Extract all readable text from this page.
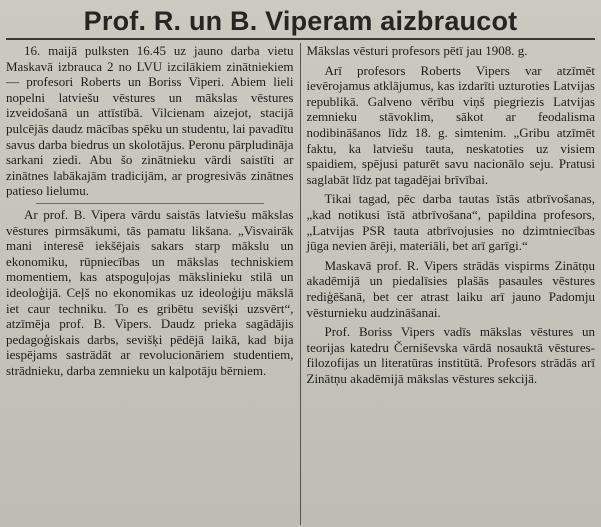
Prof. R. un B. Viperam aizbraucot

16. maijā pulksten 16.45 uz jauno darba vietu Maskavā izbrauca 2 no LVU izcilākiem zinātniekiem — profesori Roberts un Boriss Viperi. Abiem lieli nopelni latviešu vēstures un mākslas vēstures izveidošanā un attīstībā. Vilcienam aizejot, stacijā pulcējās daudz mācības spēku un studentu, lai pavadītu savus darba biedrus un skolotājus. Peronu pārpludināja sarkani ziedi. Abu šo zinātnieku vārdi saistīti ar zinātnes labākajām tradicijām, ar progresivās zinātnes patieso lielumu.

Ar prof. B. Vipera vārdu saistās latviešu mākslas vēstures pirmsākumi, tās pamatu likšana. „Visvairāk mani interesē iekšējais sakars starp mākslu un ekonomiku, rūpniecības un mākslas techniskiem momentiem, kas atspoguļojas mākslinieku stilā un ideoloģijā. Ceļš no ekonomikas uz ideoloģiju mākslā iet caur techniku. To es gribētu sevišķi uzsvērt“, atzīmēja prof. B. Vipers. Daudz prieka sagādājis pedagoģiskais darbs, sevišķi pēdējā laikā, kad bija iespējams sastrādāt ar revolucionāriem studentiem, strādnieku, darba zemnieku un kalpotāju bērniem.

Mākslas vēsturi profesors pētī jau 1908. g.

Arī profesors Roberts Vipers var atzīmēt ievērojamus atklājumus, kas izdarīti uzturoties Latvijas republikā. Galveno vērību viņš piegriezis Latvijas zemnieku stāvoklim, sākot ar feodalisma nodibināšanos līdz 18. g. simtenim. „Gribu atzīmēt faktu, ka latviešu tauta, neskatoties uz visiem spaidiem, spējusi paturēt savu nacionālo seju. Pratusi saglabāt līdz pat tagadējai brīvībai.

Tikai tagad, pēc darba tautas īstās atbrīvošanas, „kad notikusi īstā atbrīvošana“, papildina profesors, „Latvijas PSR tauta atbrīvojusies no dzimtniecības jūga nevien ārēji, materiāli, bet arī garīgi.“

Maskavā prof. R. Vipers strādās vispirms Zinātņu akadēmijā un piedalīsies plašās pasaules vēstures rediģēšanā, bet cer atrast laiku arī jauno Padomju vēsturnieku audzināšanai.

Prof. Boriss Vipers vadīs mākslas vēstures un teorijas katedru Černiševska vārdā nosauktā vēstures-filozofijas un literatūras institūtā. Profesors strādās arī Zinātņu akadēmijā mākslas vēstures sekcijā.
